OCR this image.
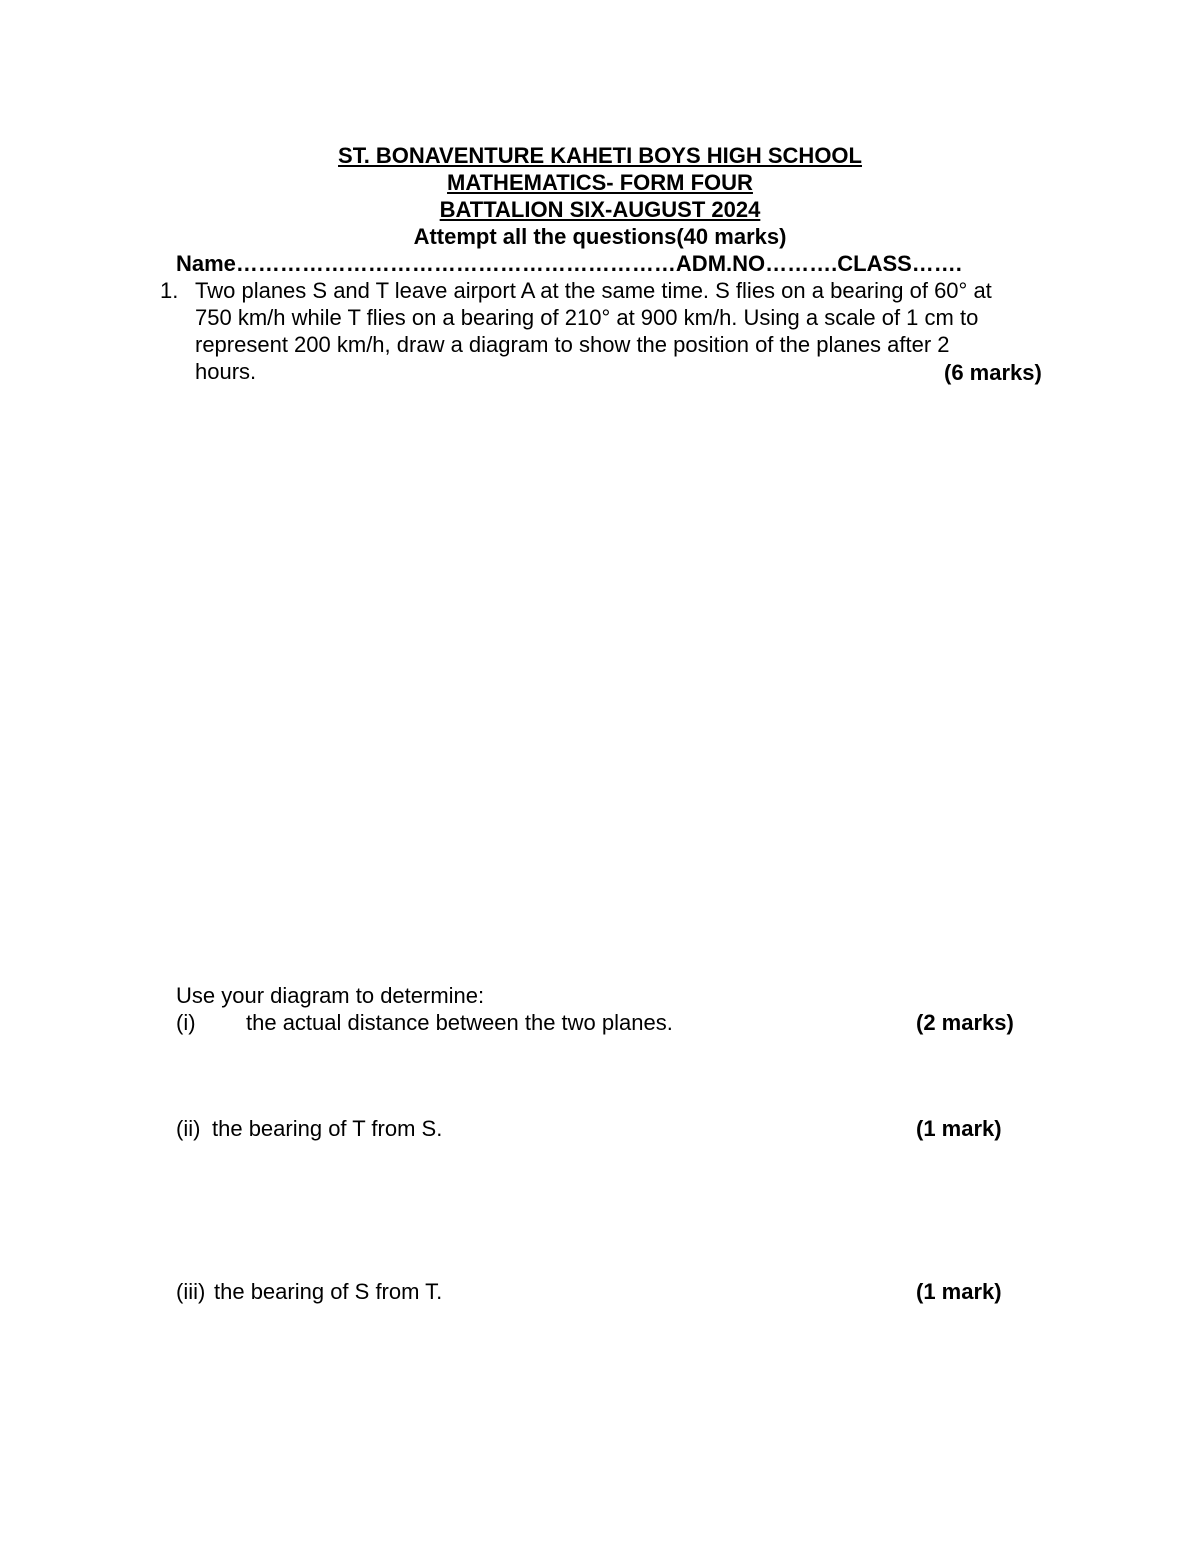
ST. BONAVENTURE KAHETI BOYS HIGH SCHOOL
MATHEMATICS- FORM FOUR
BATTALION SIX-AUGUST 2024
Attempt all the questions(40 marks)
Name……………………………………………………ADM.NO……….CLASS…….
1. Two planes S and T leave airport A at the same time. S flies on a bearing of 60° at
750 km/h while T flies on a bearing of 210° at 900 km/h. Using a scale of 1 cm to
represent 200 km/h, draw a diagram to show the position of the planes after 2
hours.	(6 marks)
Use your diagram to determine:
(i) the actual distance between the two planes.	(2 marks)
(ii) the bearing of T from S.	(1 mark)
(iii) the bearing of S from T.	(1 mark)
